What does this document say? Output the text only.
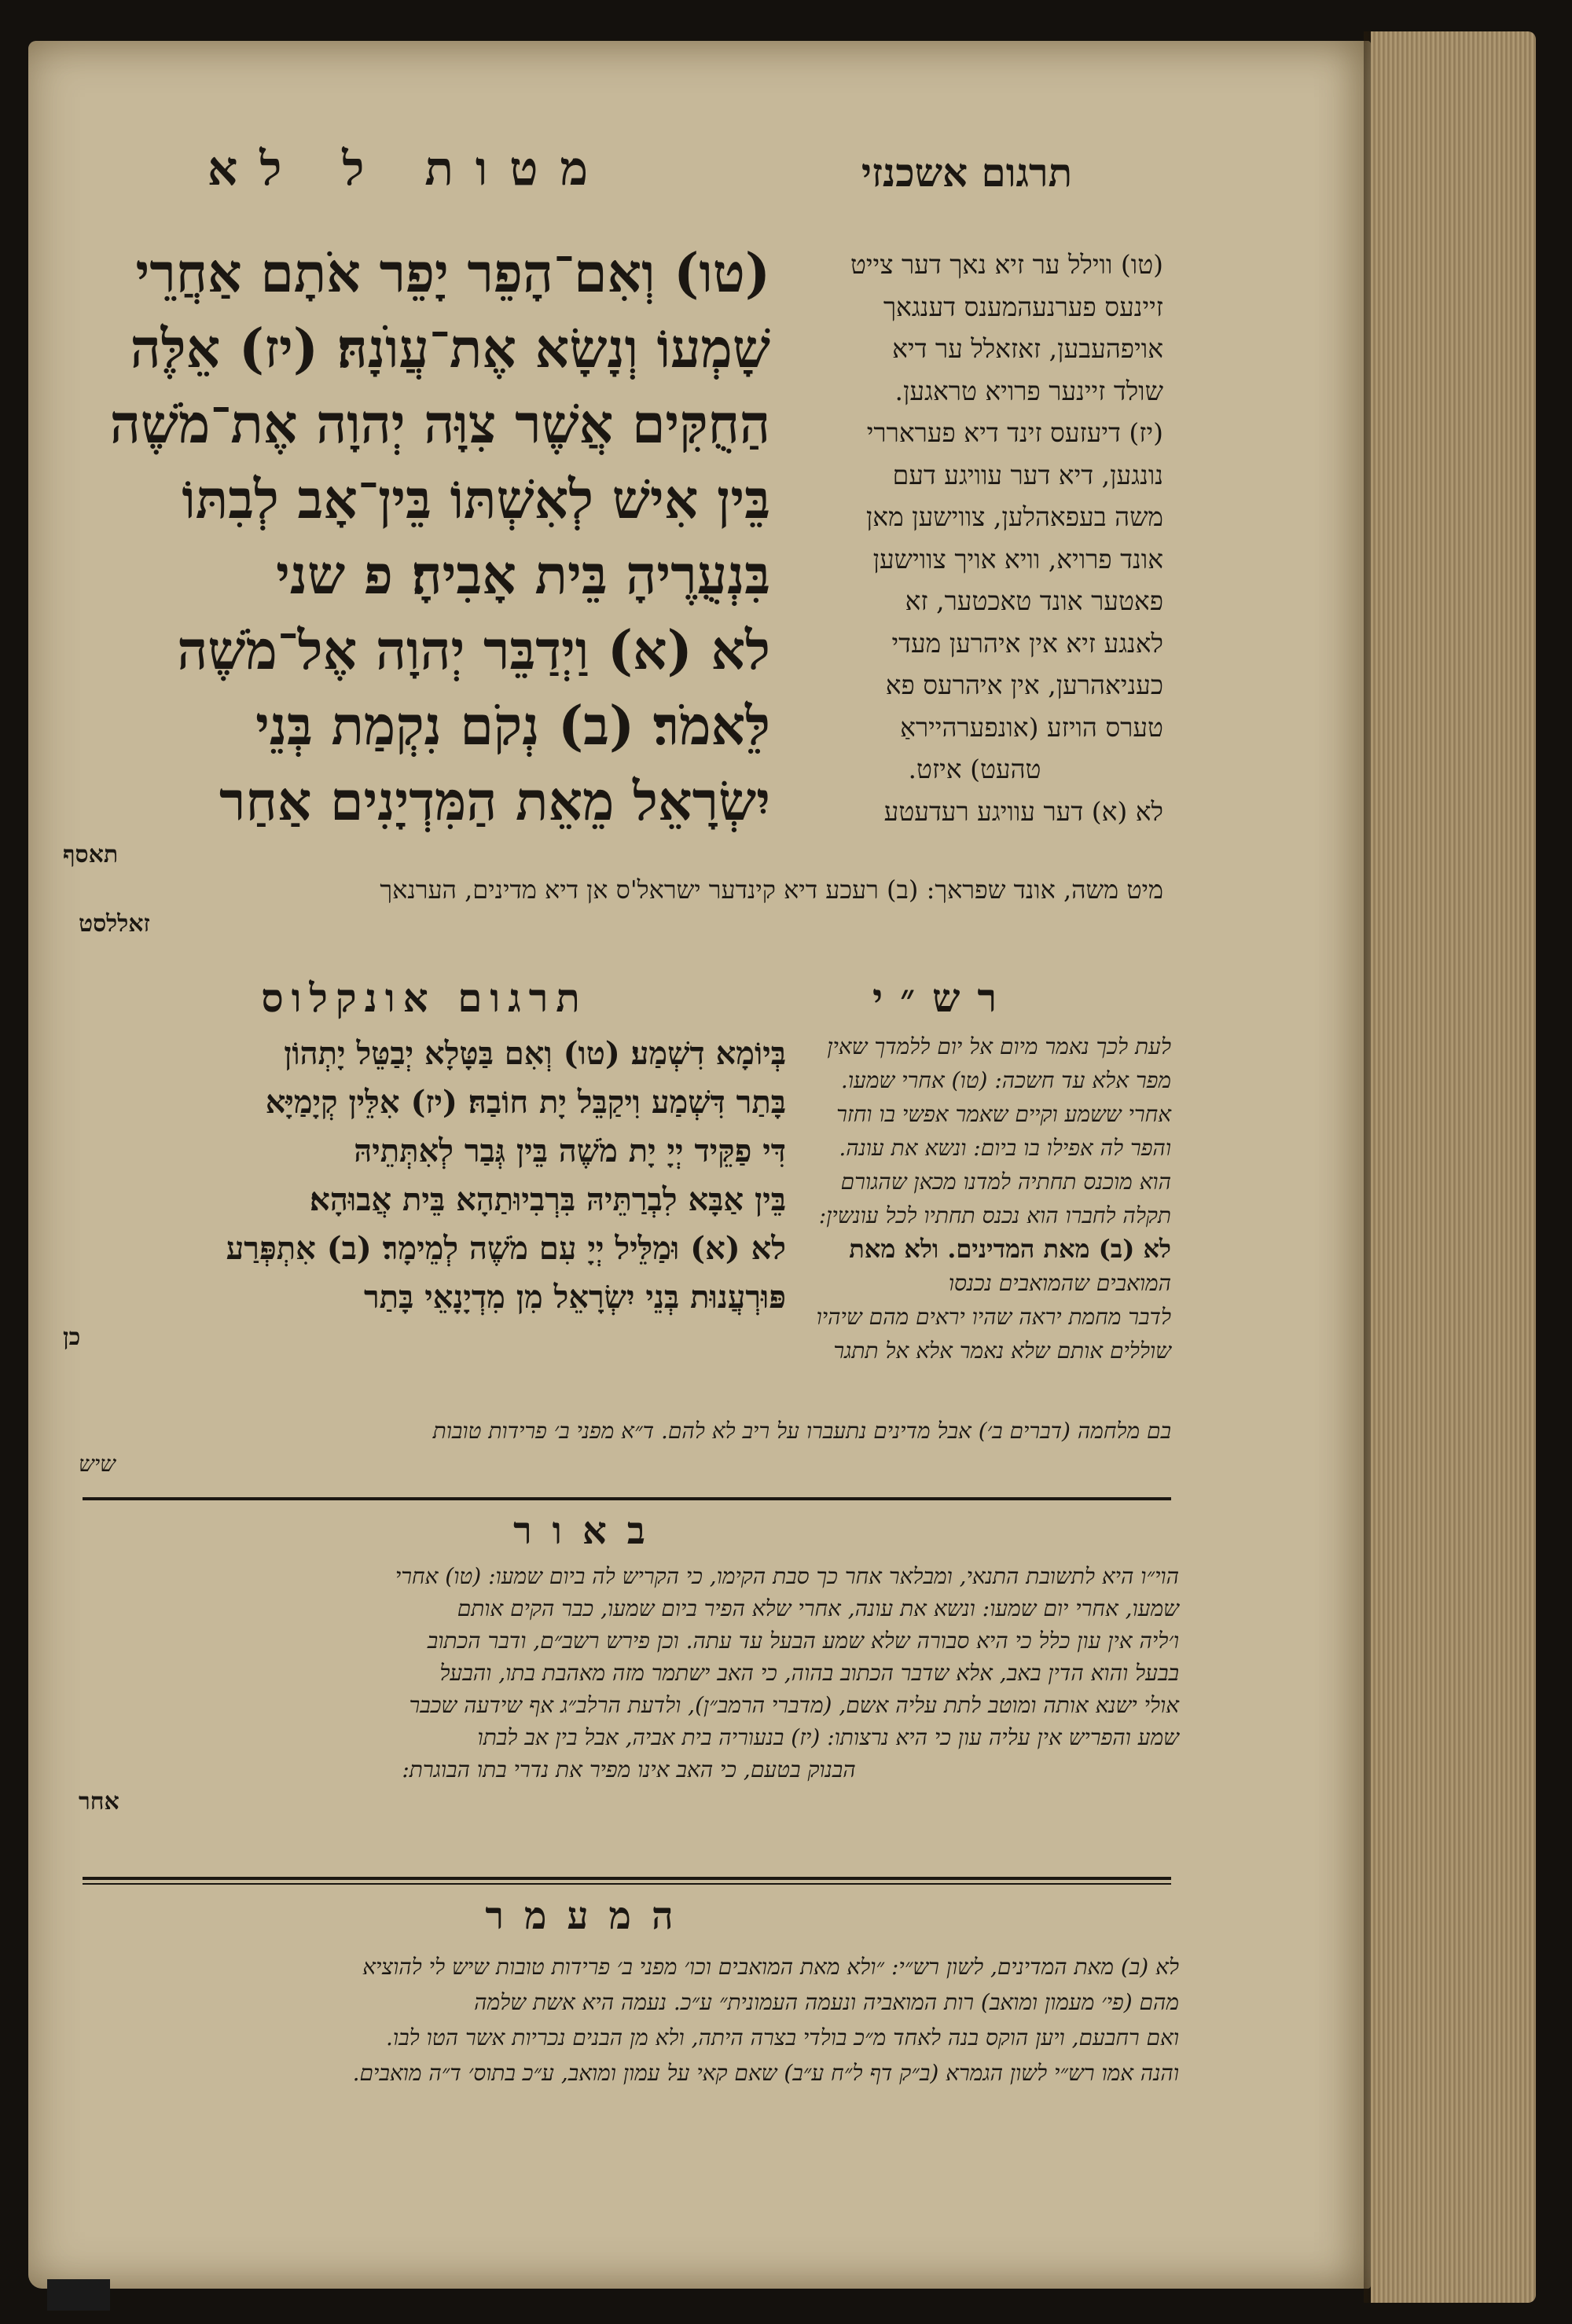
מטות ל לא	תרגום אשכנזי

(טו) וְאִם־הָפֵר יָפֵר אֹתָם אַחֲרֵי

שָׁמְעוֹ וְנָשָׂא אֶת־עֲוֺנָהּ׃ (יז) אֵלֶּה

הַחֻקִּים אֲשֶׁר צִוָּה יְהוָה אֶת־מֹשֶׁה

בֵּין אִישׁ לְאִשְׁתּוֹ בֵּין־אָב לְבִתּוֹ

בִּנְעֻרֶיהָ בֵּית אָבִיהָ׃ פ שני

לא (א) וַיְדַבֵּר יְהוָה אֶל־מֹשֶׁה

לֵּאמֹר׃ (ב) נְקֹם נִקְמַת בְּנֵי

יִשְׂרָאֵל מֵאֵת הַמִּדְיָנִים אַחַר

תאסף

(טו) ווילל ער זיא נאך דער צייט

זיינעס פערנעהמענס דענגאך

אויפהעבען, זאזאלל ער דיא

שולד זיינער פרויא טראגען.

(יז) דיעזעס זינד דיא פעראררי

נונגען, דיא דער עוויגע דעם

משה בעפאהלען, צווישען מאן

אונד פרויא, וויא אויך צווישען

פאטער אונד טאכטער, זא

לאנגע זיא אין איהרען מעדי

כעניאהרען, אין איהרעס פא

טערס הויזע (אונפערהייראַ

טהעט) איזט.

לא (א) דער עוויגע רעדעטע

מיט משה, אונד שפראך: (ב) רעכע דיא קינדער ישראל'ס אן דיא מדינים, הערנאך

זאללסט

רש״י
תרגום אונקלוס

בְּיוֹמָא דִשְׁמַע׃ (טו) וְאִם בַּטָּלָא יְבַטֵּל יָתְהוֹן

בָּתַר דִּשְׁמַע וִיקַבֵּל יָת חוֹבַהּ׃ (יז) אִלֵּין קְיָמַיָּא

דִּי פַקֵּיד יְיָ יָת מֹשֶׁה בֵּין גְּבַר לְאִתְּתֵיהּ

בֵּין אַבָּא לִבְרַתֵּיהּ בִּרְבִיוּתַהָא בֵּית אֲבוּהָא׃

לא (א) וּמַלֵּיל יְיָ עִם מֹשֶׁה לְמֵימָר׃ (ב) אִתְפְּרַע

פּוּרְעֲנוּת בְּנֵי יִשְׂרָאֵל מִן מִדְיָנָאֵי בָּתַר

כן

לעת לכך נאמר מיום אל יום ללמדך שאין

מפר אלא עד חשכה: (טו) אחרי שמעו.

אחרי ששמע וקיים שאמר אפשי בו וחזר

והפר לה אפילו בו ביום: ונשא את עונה.

הוא מוכנס תחתיה למדנו מכאן שהגורם

תקלה לחברו הוא נכנס תחתיו לכל עונשין:

לא (ב) מאת המדינים. ולא מאת

המואבים שהמואבים נכנסו

לדבר מחמת יראה שהיו יראים מהם שיהיו

שוללים אותם שלא נאמר אלא אל תתגר

בם מלחמה (דברים ב׳) אבל מדינים נתעברו על ריב לא להם. ד״א מפני ב׳ פרידות טובות

שיש

באור

הוי״ו היא לתשובת התנאי, ומבלאר אחר כך סבת הקימו, כי הקריש לה ביום שמעו: (טו) אחרי

שמעו, אחרי יום שמעו: ונשא את עונה, אחרי שלא הפיר ביום שמעו, כבר הקים אותם

ו׳ליה אין עון כלל כי היא סבורה שלא שמע הבעל עד עתה. וכן פירש רשב״ם, ודבר הכתוב

בבעל והוא הדין באב, אלא שדבר הכתוב בהוה, כי האב ישתמר מזה מאהבת בתו, והבעל

אולי ישנא אותה ומוטב לתת עליה אשם, (מדברי הרמב״ן), ולדעת הרלב״ג אף שידעה שכבר

שמע והפריש אין עליה עון כי היא נרצותו: (יז) בנעוריה בית אביה, אבל בין אב לבתו

הבנוק בטעם, כי האב אינו מפיר את נדרי בתו הבוגרת:

אחר

המעמר

לא (ב) מאת המדינים, לשון רש״י: ״ולא מאת המואבים וכו׳ מפני ב׳ פרידות טובות שיש לי להוציא

מהם (פי׳ מעמון ומואב) רות המואביה ונעמה העמונית״ ע״כ. נעמה היא אשת שלמה

ואם רחבעם, ויען הוקס בנה לאחד מ״כ בולדי בצרה היתה, ולא מן הבנים נכריות אשר הטו לבו.

והנה אמו רש״י לשון הגמרא (ב״ק דף ל״ח ע״ב) שאם קאי על עמון ומואב, ע״כ בתוס׳ ד״ה מואבים.
